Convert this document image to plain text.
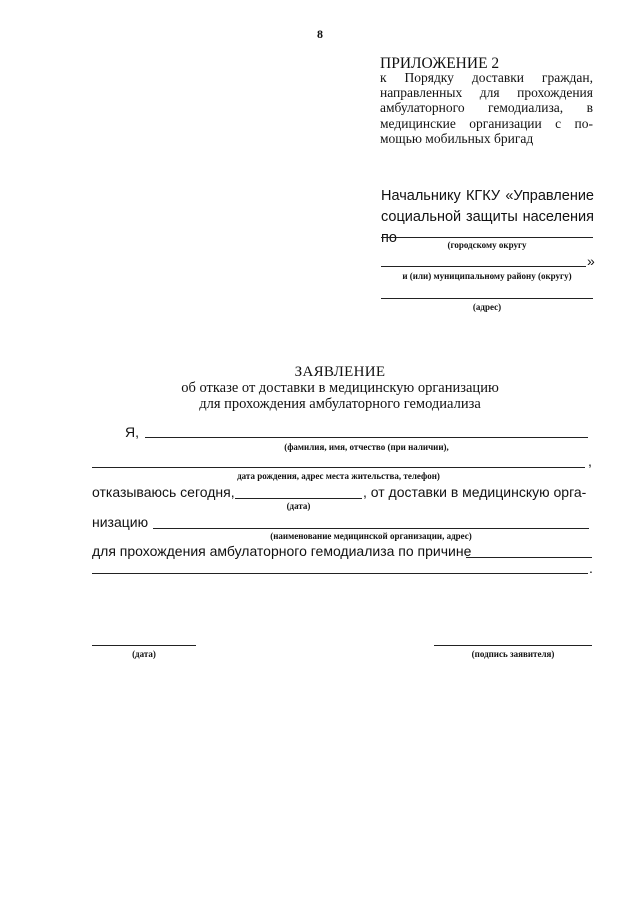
8
ПРИЛОЖЕНИЕ 2
к Порядку доставки граждан,
направленных для прохождения
амбулаторного гемодиализа, в
медицинские организации с по-
мощью мобильных бригад
Начальнику КГКУ «Управление
социальной защиты населения по	(городскому округу
»
и (или) муниципальному району (округу)
(адрес)
ЗАЯВЛЕНИЕ
об отказе от доставки в медицинскую организацию
для прохождения амбулаторного гемодиализа
Я,
(фамилия, имя, отчество (при наличии),
,
дата рождения, адрес места жительства, телефон)
отказываюсь сегодня,	, от доставки в медицинскую орга-
(дата)
низацию
(наименование медицинской организации, адрес)
для прохождения амбулаторного гемодиализа по причине
.
(дата)	(подпись заявителя)
